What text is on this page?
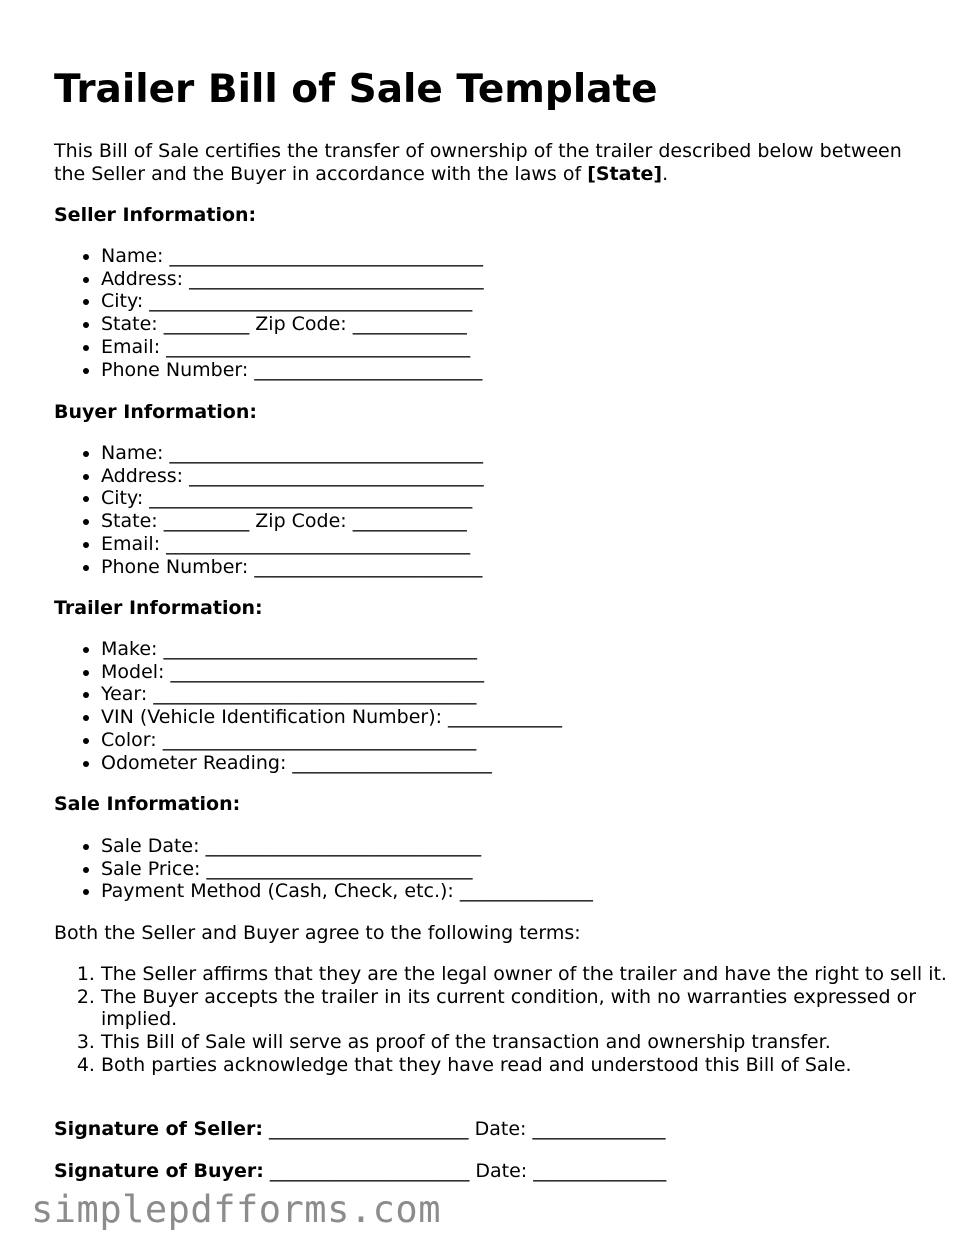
Trailer Bill of Sale Template

This Bill of Sale certifies the transfer of ownership of the trailer described below between the Seller and the Buyer in accordance with the laws of [State].

Seller Information:

• Name: _________________________________
• Address: _______________________________
• City: __________________________________
• State: _________ Zip Code: ____________
• Email: ________________________________
• Phone Number: ________________________

Buyer Information:

• Name: _________________________________
• Address: _______________________________
• City: __________________________________
• State: _________ Zip Code: ____________
• Email: ________________________________
• Phone Number: ________________________

Trailer Information:

• Make: _________________________________
• Model: _________________________________
• Year: __________________________________
• VIN (Vehicle Identification Number): ____________
• Color: _________________________________
• Odometer Reading: _____________________

Sale Information:

• Sale Date: _____________________________
• Sale Price: ____________________________
• Payment Method (Cash, Check, etc.): ______________

Both the Seller and Buyer agree to the following terms:

1. The Seller affirms that they are the legal owner of the trailer and have the right to sell it.
2. The Buyer accepts the trailer in its current condition, with no warranties expressed or implied.
3. This Bill of Sale will serve as proof of the transaction and ownership transfer.
4. Both parties acknowledge that they have read and understood this Bill of Sale.

Signature of Seller: _____________________ Date: ______________

Signature of Buyer: _____________________ Date: ______________

simplepdfforms.com
